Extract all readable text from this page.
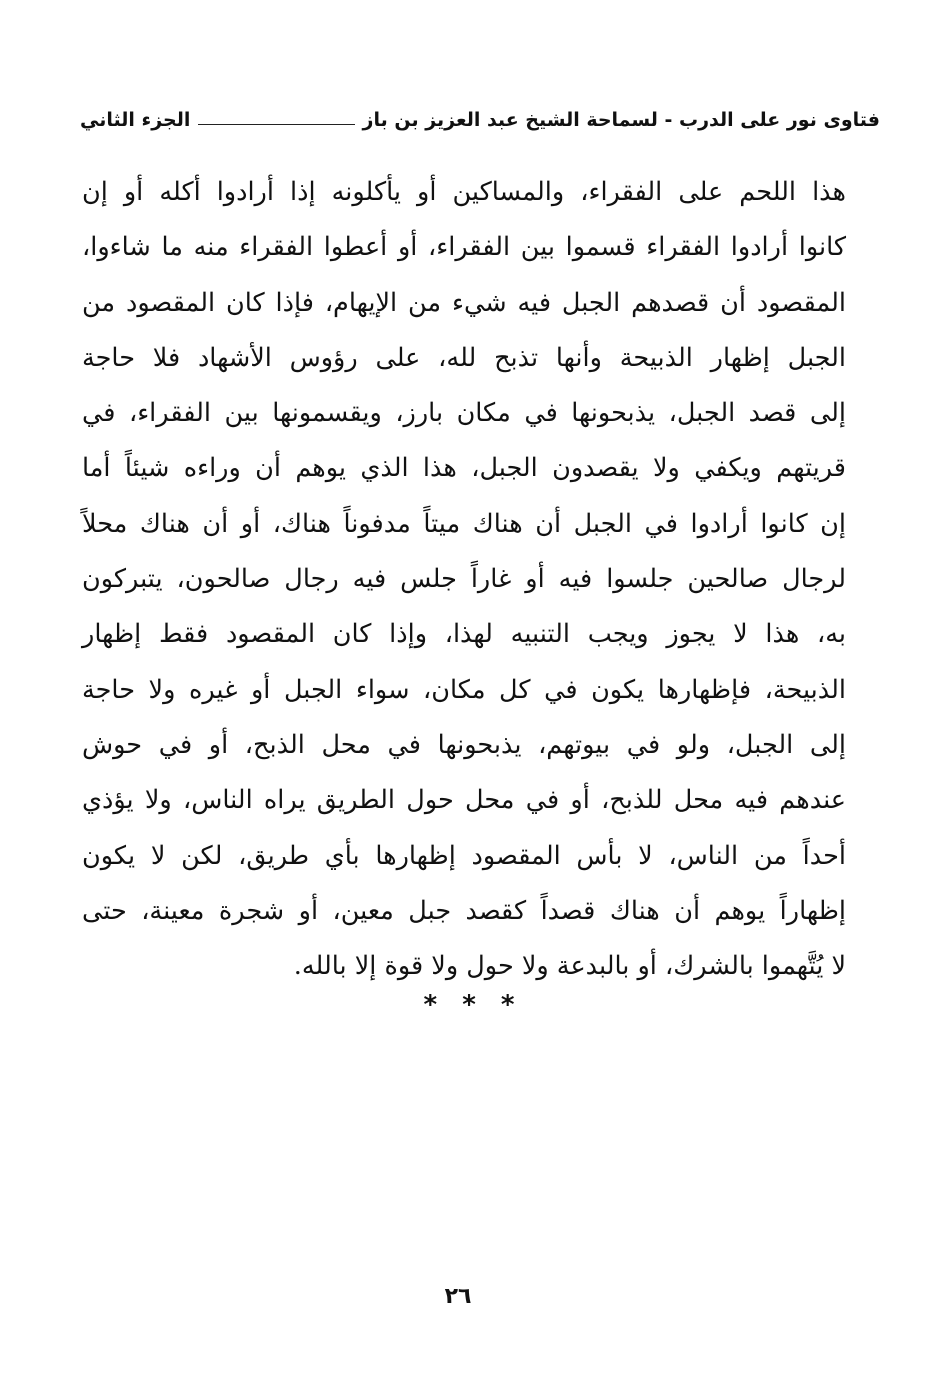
فتاوى نور على الدرب - لسماحة الشيخ عبد العزيز بن باز
الجزء الثاني
هذا اللحم على الفقراء، والمساكين أو يأكلونه إذا أرادوا أكله أو إن
كانوا أرادوا الفقراء قسموا بين الفقراء، أو أعطوا الفقراء منه ما شاءوا،
المقصود أن قصدهم الجبل فيه شيء من الإيهام، فإذا كان المقصود من
الجبل إظهار الذبيحة وأنها تذبح لله، على رؤوس الأشهاد فلا حاجة
إلى قصد الجبل، يذبحونها في مكان بارز، ويقسمونها بين الفقراء، في
قريتهم ويكفي ولا يقصدون الجبل، هذا الذي يوهم أن وراءه شيئاً أما
إن كانوا أرادوا في الجبل أن هناك ميتاً مدفوناً هناك، أو أن هناك محلاً
لرجال صالحين جلسوا فيه أو غاراً جلس فيه رجال صالحون، يتبركون
به، هذا لا يجوز ويجب التنبيه لهذا، وإذا كان المقصود فقط إظهار
الذبيحة، فإظهارها يكون في كل مكان، سواء الجبل أو غيره ولا حاجة
إلى الجبل، ولو في بيوتهم، يذبحونها في محل الذبح، أو في حوش
عندهم فيه محل للذبح، أو في محل حول الطريق يراه الناس، ولا يؤذي
أحداً من الناس، لا بأس المقصود إظهارها بأي طريق، لكن لا يكون
إظهاراً يوهم أن هناك قصداً كقصد جبل معين، أو شجرة معينة، حتى
لا يُتَّهموا بالشرك، أو بالبدعة ولا حول ولا قوة إلا بالله.
* * *
٢٦
